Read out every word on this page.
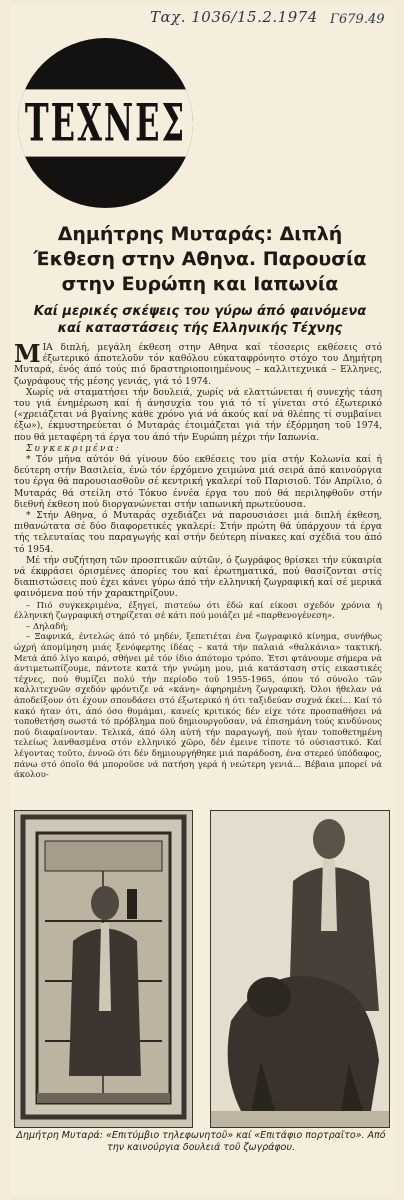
Ταχ. 1036/15.2.1974 Γ679.49
ΤΕΧΝΕΣ
Δημήτρης Μυταράς: Διπλή Έκθεση στην Αθηνα. Παρουσία στην Ευρώπη και Ιαπωνία
Καί μερικές σκέψεις του γύρω άπό φαινόμενα καί καταστάσεις τής Ελληνικής Τέχνης

ΜΙΑ διπλή, μεγάλη έκθεση στην Αθηνα καί τέσσερις εκθέσεις στό έξωτερικό άποτελοῦν τόν καθόλου εύκαταφρόνητο στόχο του Δημήτρη Μυταρά, ένός άπό τούς πιό δραστηριοποιημένους – καλλιτεχνικά – Ελληνες, ζωγράφους τής μέσης γενιάς, γιά τό 1974.

Χωρίς νά σταματήσει τήν δουλειά, χωρίς νά ελαττώνεται ή συνεχής τάση του γιά ένημέρωση καί ή άνησυχία του γιά τό τί γίνεται στό έξωτερικό («χρειάζεται νά βγαίνης κάθε χρόνο γιά νά άκούς καί νά θλέπης τί συμβαίνει έξω»), έκμυστηρεύεται ό Μυταράς έτοιμάζεται γιά τήν έξόρμηση τοῦ 1974, που θά μεταφέρη τά έργα του άπό τήν Ευρώπη μέχρι τήν Ιαπωνία.

Συγκεκριμένα:

* Τόν μήνα αύτόν θά γίνουν δύο εκθέσεις του μία στήν Κολωνία καί ή δεύτερη στήν Βασιλεία, ένώ τόν έρχόμενο χειμώνα μιά σειρά άπό καινούργια του έργα θά παρουσιασθοῦν σέ κεντρική γκαλερί τοῦ Παρισιοῦ. Τόν Απρίλιο, ό Μυταράς θά στείλη στό Τόκυο έννέα έργα του πού θά περιληφθοῦν στήν διεθνή έκθεση πού διοργανώνεται στήν ιαπωνική πρωτεύουσα.

* Στήν Αθηνα, ό Μυταράς σχεδιάζει νά παρουσιάσει μιά διπλή έκθεση, πιθανώτατα σέ δύο διαφορετικές γκαλερί: Στήν πρώτη θά ύπάρχουν τά έργα τής τελευταίας του παραγωγής καί στήν δεύτερη πίνακες καί σχέδιά του άπό τό 1954.

Μέ τήν συζήτηση τῶν προσπτικῶν αύτῶν, ό ζωγράφος θρίσκει τήν εύκαιρία νά έκφράσει όρισμένες άπορίες του καί έρωτηματικά, πού θασίζονται στίς διαπιστώσεις πού έχει κάνει γύρω άπό τήν ελληνική ζωγραφική καί σέ μερικά φαινόμενα πού τήν χαρακτηρίζουν.

– Πιό συγκεκριμένα, έξηγεί, πιστεύω ότι έδώ καί είκοσι σχεδόν χρόνια ή έλληνική ζωγραφική στηρίζεται σέ κάτι πού μοιάζει μέ «παρθενογένεση».

– Δηλαδή;

– Ξαφνικά, έντελώς άπό τό μηδέν, ξεπετιέται ένα ζωγραφικό κίνημα, συνήθως ώχρή άπομίμηση μιάς ξενόφερτης ίδέας – κατά τήν παλαιά «θαλκάνια» τακτική. Μετά άπό λίγο καιρό, σθήνει μέ τόν ίδιο άπότομο τρόπο. Έτσι φτάνουμε σήμερα νά άντιμετωπίζουμε, πάντοτε κατά τήν γνώμη μου, μιά κατάσταση στίς εικαστικές τέχνες, πού θυμίζει πολύ τήν περίοδο τοῦ 1955-1965, όπου τό σύνολο τῶν καλλιτεχνῶν σχεδόν φρόντιζε νά «κάνη» άφηρημένη ζωγραφική. Όλοι ήθελαν νά άποδείξουν ότι έχουν σπουδάσει στό έξωτερικό ή ότι ταξιδεύαν συχνά έκεί... Καί τό κακό ήταν ότι, άπό όσο θυμάμαι, κανείς κριτικός δέν είχε τότε προσπαθήσει νά τοποθετήση σωστά τό πρόβλημα πού δημιουργοῦσαν, νά έπισημάνη τούς κινδύνους πού διαφαίνονταν. Τελικά, άπό όλη αύτή τήν παραγωγή, πού ήταν τοποθετημένη τελείως λανθασμένα στόν ελληνικό χῶρο, δέν έμεινε τίποτε τό ούσιαστικό. Καί λέγοντας τοῦτο, έννοῶ ότι δέν δημιουργήθηκε μιά παράδοση, ένα στερεό ύπόδαφος, πάνω στό όποῖο θά μποροῦσε νά πατήση γερά ή νεώτερη γενιά... Βέβαια μπορεί νά άκολου-

Δημήτρη Μυταρά: «Επιτύμβιο τηλεφωνητοῦ» καί «Επιτάφιο πορτραῖτο». Από την καινούργια δουλειά τοῦ ζωγράφου.
